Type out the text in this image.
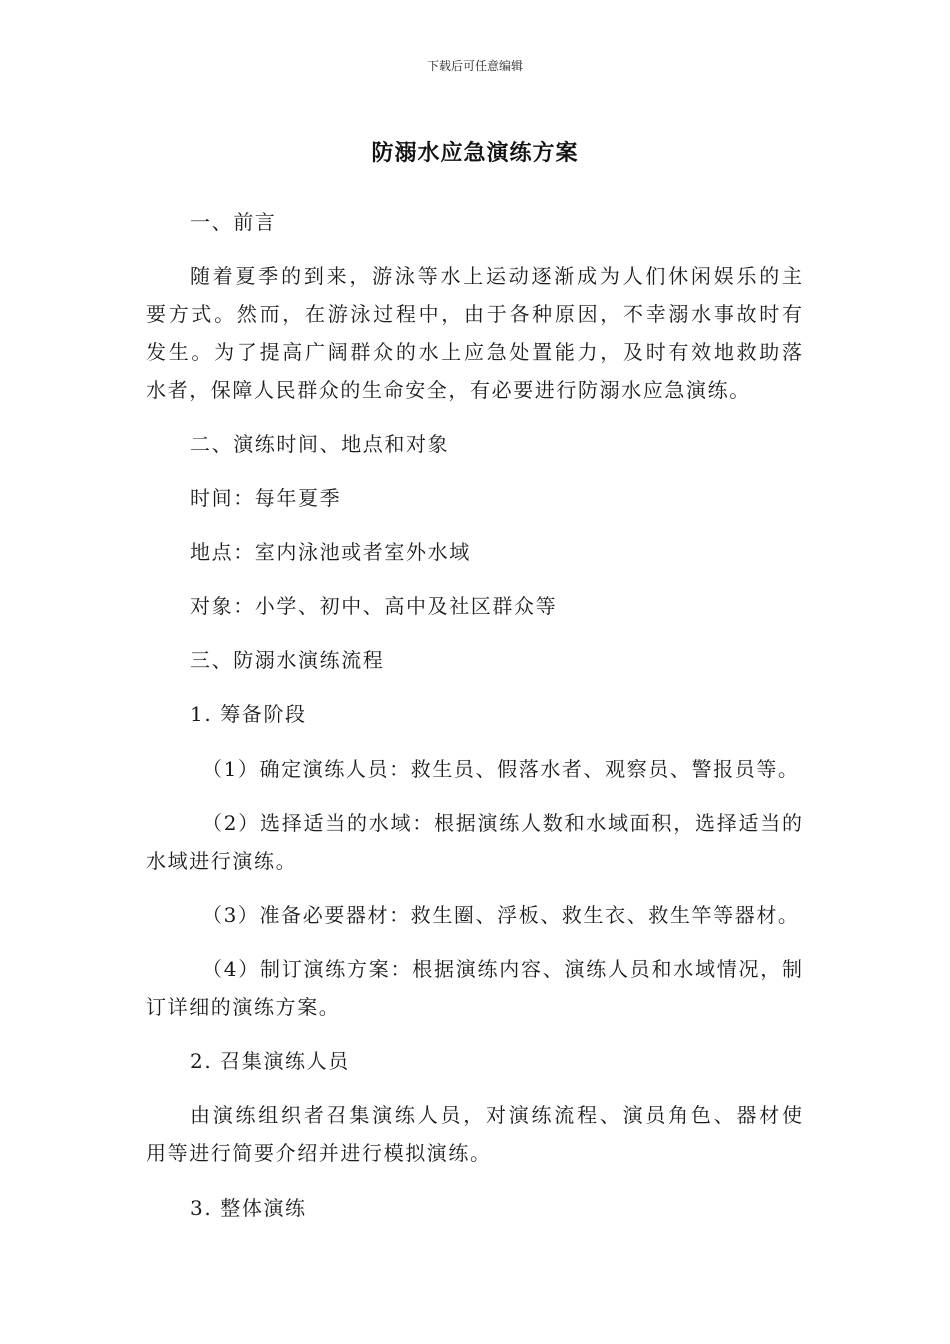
下载后可任意编辑
防溺水应急演练方案
一、前言
随着夏季的到来，游泳等水上运动逐渐成为人们休闲娱乐的主
要方式。然而，在游泳过程中，由于各种原因，不幸溺水事故时有
发生。为了提高广阔群众的水上应急处置能力，及时有效地救助落
水者，保障人民群众的生命安全，有必要进行防溺水应急演练。
二、演练时间、地点和对象
时间：每年夏季
地点：室内泳池或者室外水域
对象：小学、初中、高中及社区群众等
三、防溺水演练流程
1. 筹备阶段
（1）确定演练人员：救生员、假落水者、观察员、警报员等。
（2）选择适当的水域：根据演练人数和水域面积，选择适当的
水域进行演练。
（3）准备必要器材：救生圈、浮板、救生衣、救生竿等器材。
（4）制订演练方案：根据演练内容、演练人员和水域情况，制
订详细的演练方案。
2. 召集演练人员
由演练组织者召集演练人员，对演练流程、演员角色、器材使
用等进行简要介绍并进行模拟演练。
3. 整体演练
